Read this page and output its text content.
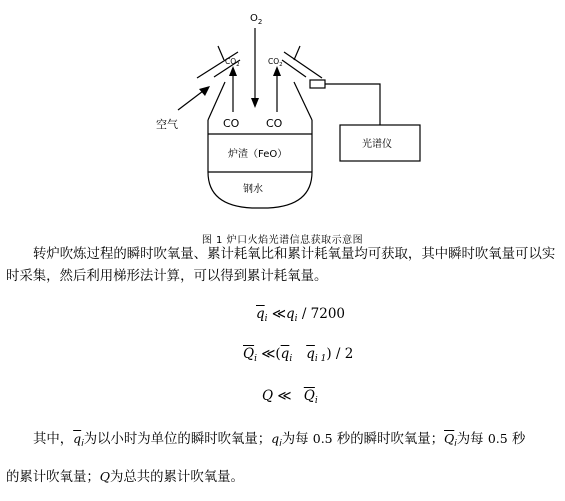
$O_2$
$CO_2$	$CO_2$
空气	CO CO
炉渣（FeO）
钢水
光谱仪
图 1 炉口火焰光谱信息获取示意图

转炉吹炼过程的瞬时吹氧量、累计耗氧比和累计耗氧量均可获取，其中瞬时吹氧量可以实时采集，然后利用梯形法计算，可以得到累计耗氧量。

$\overline{q}_i$ $≪q_i / 7200$
$\overline{Q}_i$ $≪(\overline{q}_i$ $\overline{q}_{i 1}) / 2$
Q ≪ $\overline{Q}_i$
其中，$\overline{q}_i$为以小时为单位的瞬时吹氧量；$q_i$为每 0.5 秒的瞬时吹氧量；$\overline{Q}_i$为每 0.5 秒
的累计吹氧量；Q为总共的累计吹氧量。
